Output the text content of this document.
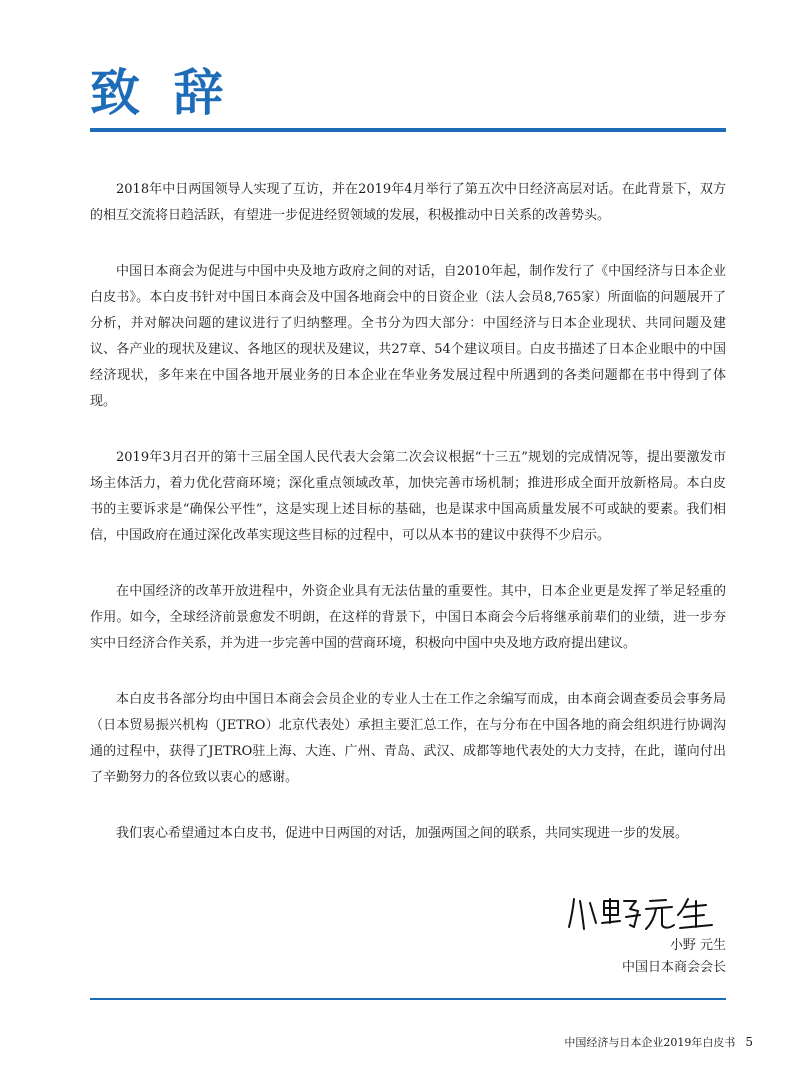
致 辞

2018年中日两国领导人实现了互访，并在2019年4月举行了第五次中日经济高层对话。在此背景下，双方的相互交流将日趋活跃，有望进一步促进经贸领域的发展，积极推动中日关系的改善势头。

中国日本商会为促进与中国中央及地方政府之间的对话，自2010年起，制作发行了《中国经济与日本企业白皮书》。本白皮书针对中国日本商会及中国各地商会中的日资企业（法人会员8,765家）所面临的问题展开了分析，并对解决问题的建议进行了归纳整理。全书分为四大部分：中国经济与日本企业现状、共同问题及建议、各产业的现状及建议、各地区的现状及建议，共27章、54个建议项目。白皮书描述了日本企业眼中的中国经济现状，多年来在中国各地开展业务的日本企业在华业务发展过程中所遇到的各类问题都在书中得到了体现。

2019年3月召开的第十三届全国人民代表大会第二次会议根据“十三五”规划的完成情况等，提出要激发市场主体活力，着力优化营商环境；深化重点领域改革，加快完善市场机制；推进形成全面开放新格局。本白皮书的主要诉求是“确保公平性”，这是实现上述目标的基础，也是谋求中国高质量发展不可或缺的要素。我们相信，中国政府在通过深化改革实现这些目标的过程中，可以从本书的建议中获得不少启示。

在中国经济的改革开放进程中，外资企业具有无法估量的重要性。其中，日本企业更是发挥了举足轻重的作用。如今，全球经济前景愈发不明朗，在这样的背景下，中国日本商会今后将继承前辈们的业绩，进一步夯实中日经济合作关系，并为进一步完善中国的营商环境，积极向中国中央及地方政府提出建议。

本白皮书各部分均由中国日本商会会员企业的专业人士在工作之余编写而成，由本商会调查委员会事务局（日本贸易振兴机构（JETRO）北京代表处）承担主要汇总工作，在与分布在中国各地的商会组织进行协调沟通的过程中，获得了JETRO驻上海、大连、广州、青岛、武汉、成都等地代表处的大力支持，在此，谨向付出了辛勤努力的各位致以衷心的感谢。

我们衷心希望通过本白皮书，促进中日两国的对话，加强两国之间的联系，共同实现进一步的发展。

小野 元生
中国日本商会会长
中国经济与日本企业2019年白皮书 5
